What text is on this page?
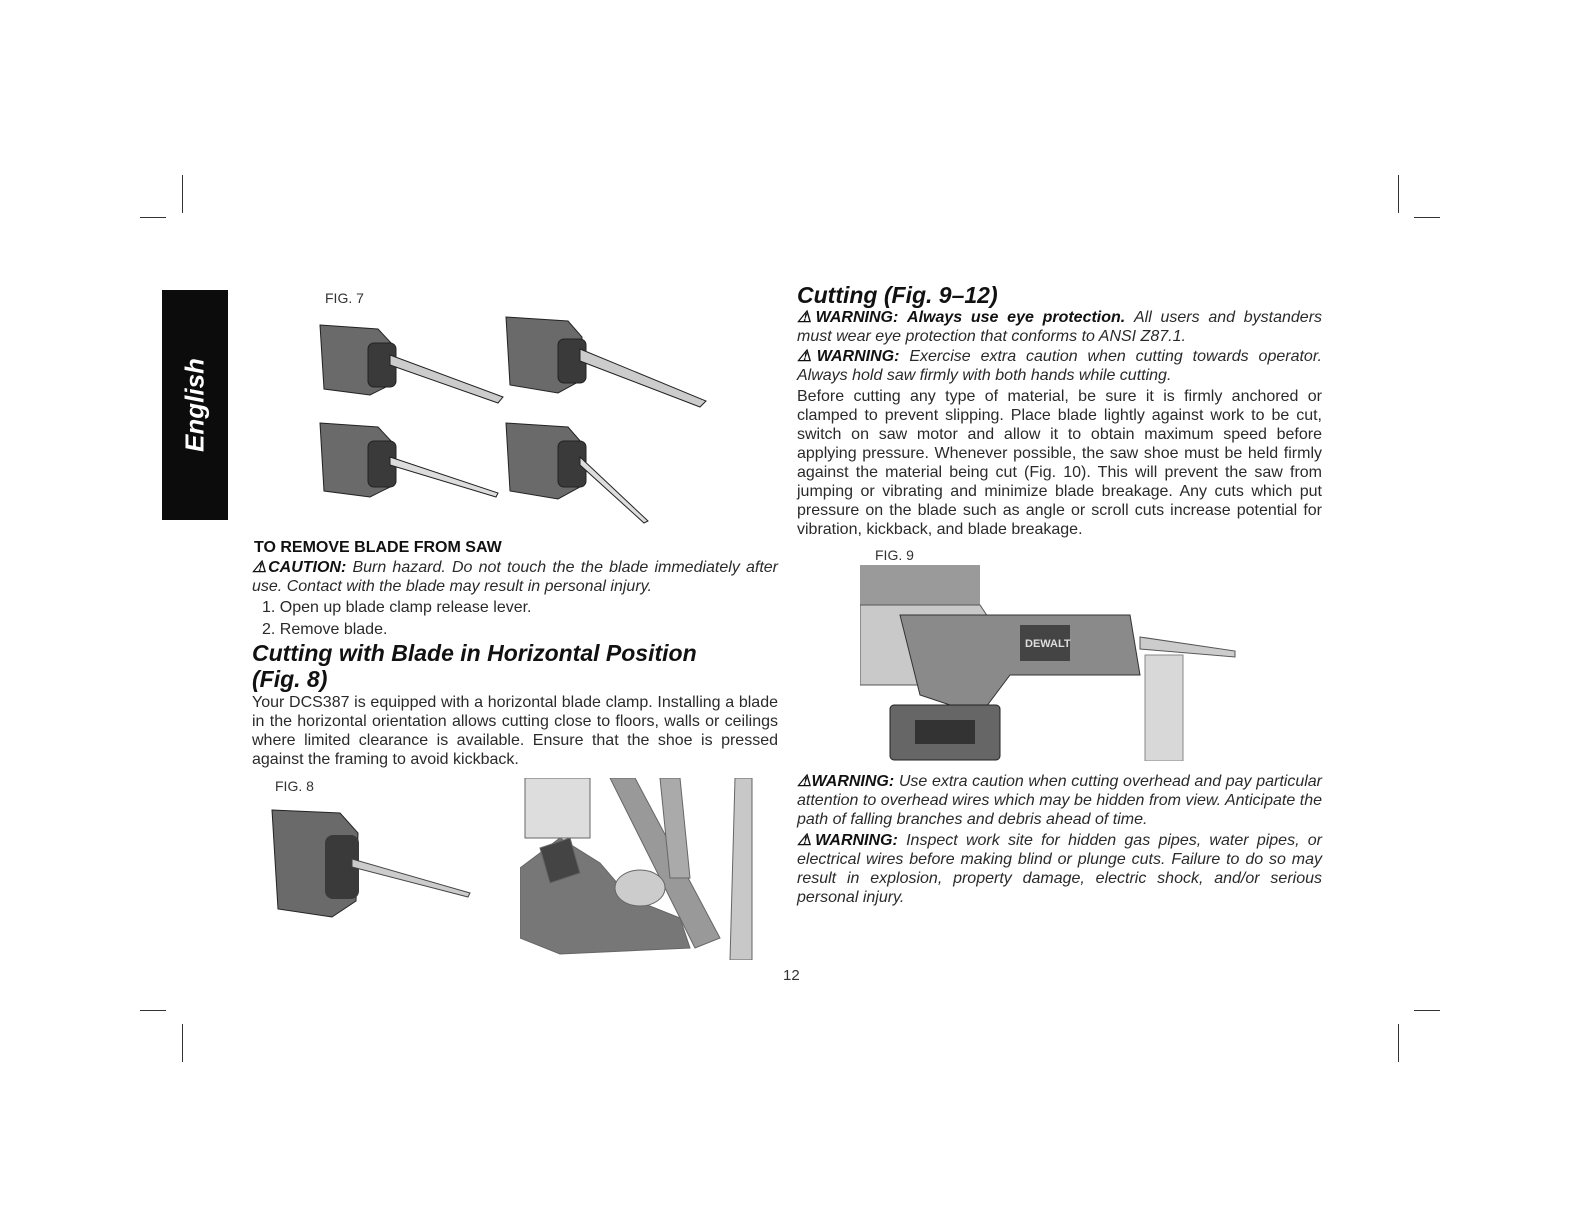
English
FIG. 7
TO REMOVE BLADE FROM SAW
⚠CAUTION: Burn hazard. Do not touch the the blade immediately after use. Contact with the blade may result in personal injury.
1. Open up blade clamp release lever.
2. Remove blade.
Cutting with Blade in Horizontal Position
(Fig. 8)
Your DCS387 is equipped with a horizontal blade clamp. Installing a blade in the horizontal orientation allows cutting close to floors, walls or ceilings where limited clearance is available. Ensure that the shoe is pressed against the framing to avoid kickback.
FIG. 8
Cutting (Fig. 9–12)
⚠WARNING: Always use eye protection. All users and bystanders must wear eye protection that conforms to ANSI Z87.1.
⚠WARNING: Exercise extra caution when cutting towards operator. Always hold saw firmly with both hands while cutting.
Before cutting any type of material, be sure it is firmly anchored or clamped to prevent slipping. Place blade lightly against work to be cut, switch on saw motor and allow it to obtain maximum speed before applying pressure. Whenever possible, the saw shoe must be held firmly against the material being cut (Fig. 10). This will prevent the saw from jumping or vibrating and minimize blade breakage. Any cuts which put pressure on the blade such as angle or scroll cuts increase potential for vibration, kickback, and blade breakage.
FIG. 9
DEWALT
⚠WARNING: Use extra caution when cutting overhead and pay particular attention to overhead wires which may be hidden from view. Anticipate the path of falling branches and debris ahead of time.
⚠WARNING: Inspect work site for hidden gas pipes, water pipes, or electrical wires before making blind or plunge cuts. Failure to do so may result in explosion, property damage, electric shock, and/or serious personal injury.
12
